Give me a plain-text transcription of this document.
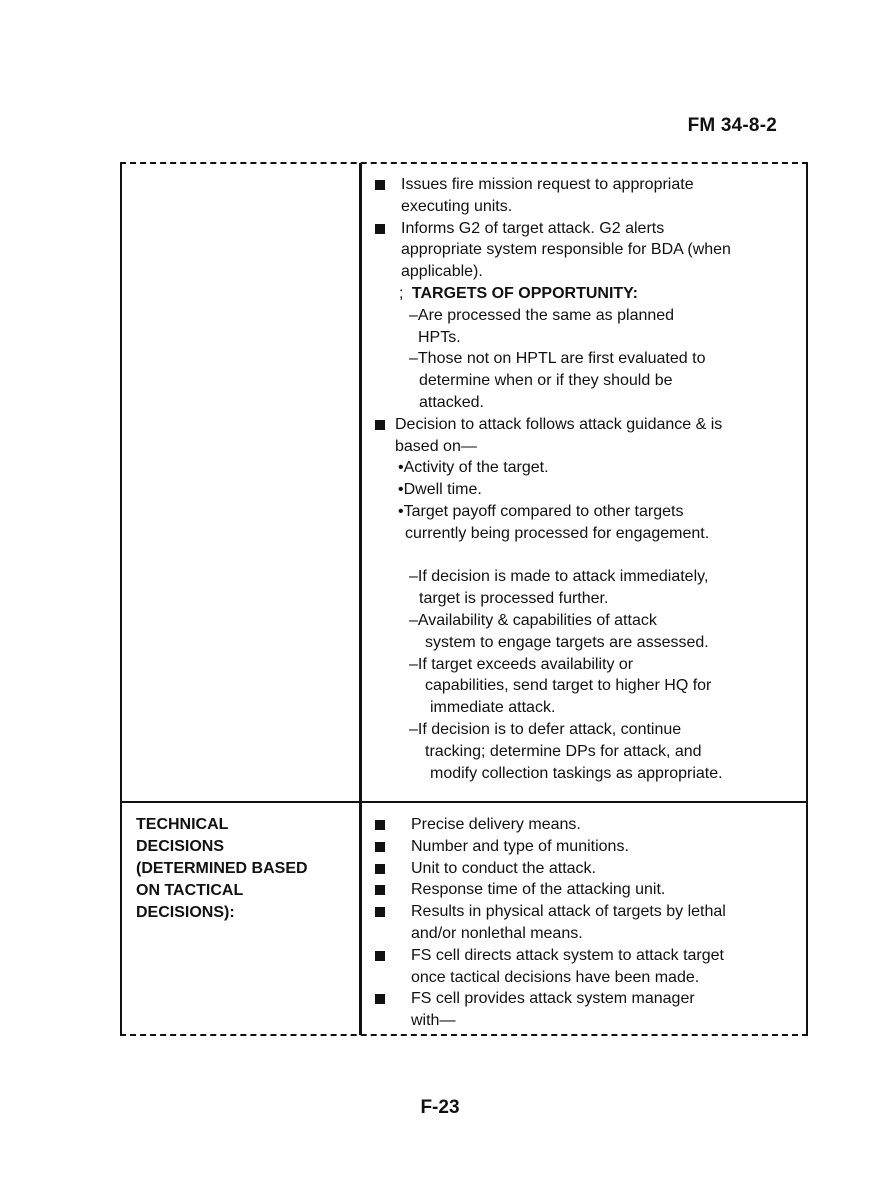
FM 34-8-2
Issues fire mission request to appropriate
executing units.
Informs G2 of target attack. G2 alerts
appropriate system responsible for BDA (when
applicable).
; TARGETS OF OPPORTUNITY:
–Are processed the same as planned
HPTs.
–Those not on HPTL are first evaluated to
determine when or if they should be
attacked.
Decision to attack follows attack guidance & is
based on—
•Activity of the target.
•Dwell time.
•Target payoff compared to other targets
currently being processed for engagement.
–If decision is made to attack immediately,
target is processed further.
–Availability & capabilities of attack
system to engage targets are assessed.
–If target exceeds availability or
capabilities, send target to higher HQ for
immediate attack.
–If decision is to defer attack, continue
tracking; determine DPs for attack, and
modify collection taskings as appropriate.
TECHNICAL
DECISIONS
(DETERMINED BASED
ON TACTICAL
DECISIONS):
Precise delivery means.
Number and type of munitions.
Unit to conduct the attack.
Response time of the attacking unit.
Results in physical attack of targets by lethal
and/or nonlethal means.
FS cell directs attack system to attack target
once tactical decisions have been made.
FS cell provides attack system manager
with—
F-23
